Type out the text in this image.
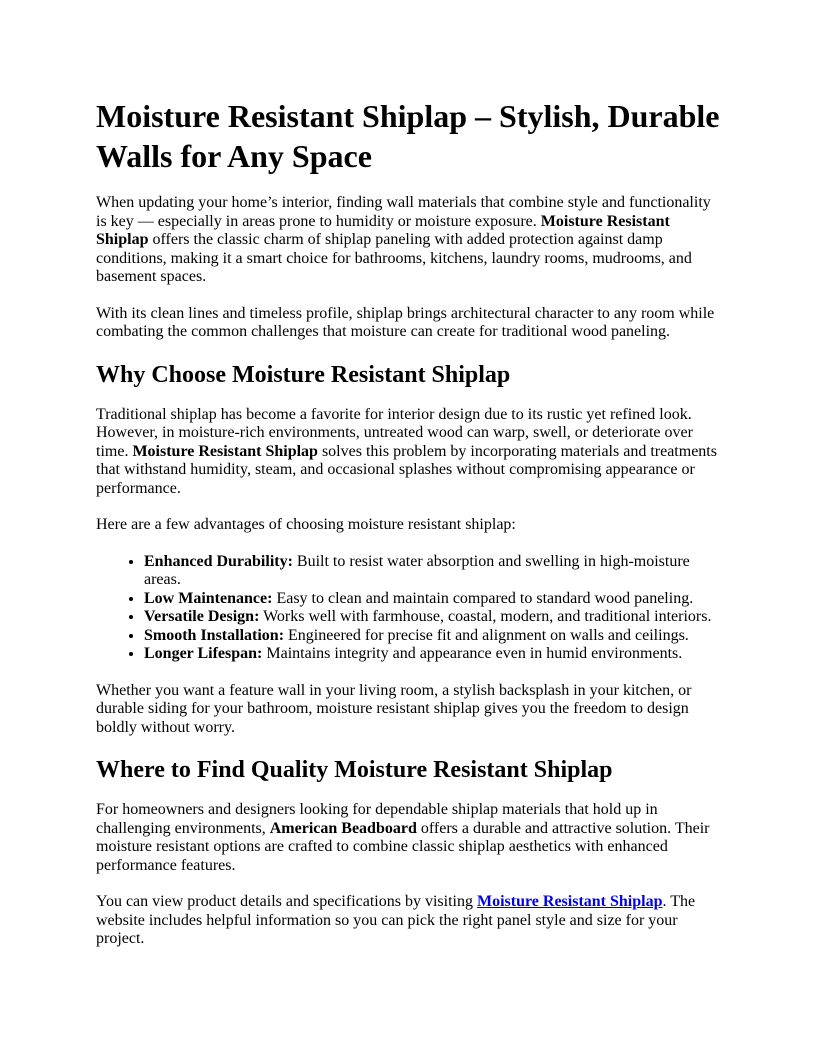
Moisture Resistant Shiplap – Stylish, Durable Walls for Any Space

When updating your home’s interior, finding wall materials that combine style and functionality is key — especially in areas prone to humidity or moisture exposure. Moisture Resistant Shiplap offers the classic charm of shiplap paneling with added protection against damp conditions, making it a smart choice for bathrooms, kitchens, laundry rooms, mudrooms, and basement spaces.

With its clean lines and timeless profile, shiplap brings architectural character to any room while combating the common challenges that moisture can create for traditional wood paneling.

Why Choose Moisture Resistant Shiplap

Traditional shiplap has become a favorite for interior design due to its rustic yet refined look. However, in moisture-rich environments, untreated wood can warp, swell, or deteriorate over time. Moisture Resistant Shiplap solves this problem by incorporating materials and treatments that withstand humidity, steam, and occasional splashes without compromising appearance or performance.

Here are a few advantages of choosing moisture resistant shiplap:

• Enhanced Durability: Built to resist water absorption and swelling in high-moisture areas.
• Low Maintenance: Easy to clean and maintain compared to standard wood paneling.
• Versatile Design: Works well with farmhouse, coastal, modern, and traditional interiors.
• Smooth Installation: Engineered for precise fit and alignment on walls and ceilings.
• Longer Lifespan: Maintains integrity and appearance even in humid environments.

Whether you want a feature wall in your living room, a stylish backsplash in your kitchen, or durable siding for your bathroom, moisture resistant shiplap gives you the freedom to design boldly without worry.

Where to Find Quality Moisture Resistant Shiplap

For homeowners and designers looking for dependable shiplap materials that hold up in challenging environments, American Beadboard offers a durable and attractive solution. Their moisture resistant options are crafted to combine classic shiplap aesthetics with enhanced performance features.

You can view product details and specifications by visiting Moisture Resistant Shiplap. The website includes helpful information so you can pick the right panel style and size for your project.
